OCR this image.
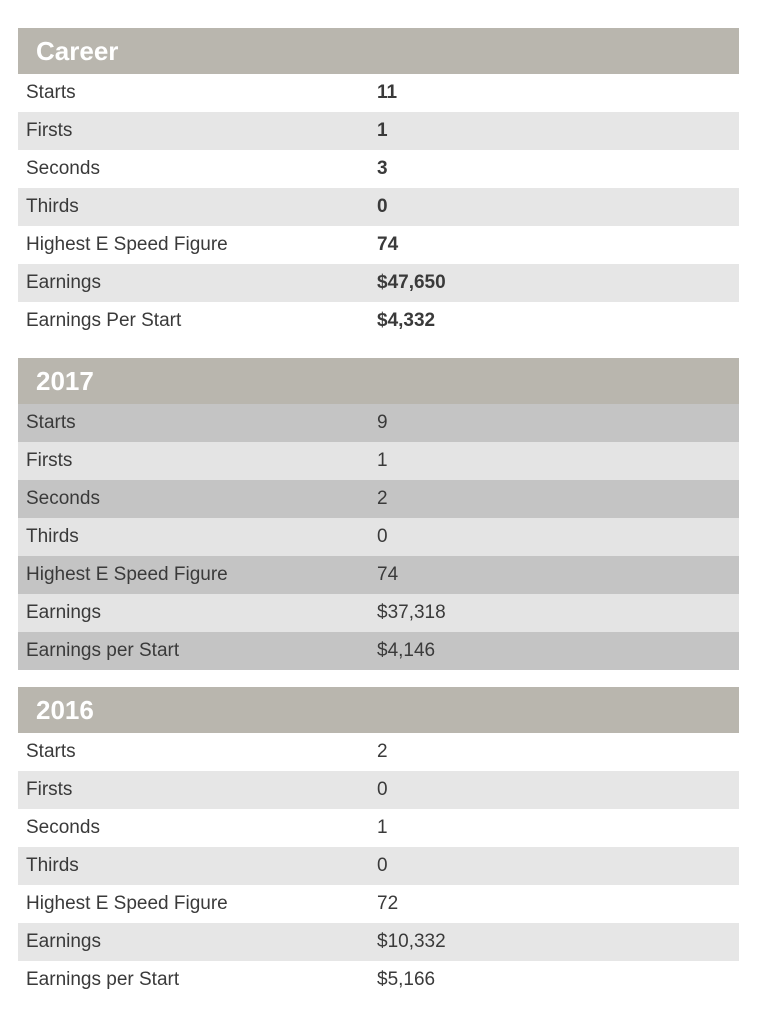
Career
Starts	11
Firsts	1
Seconds	3
Thirds	0
Highest E Speed Figure	74
Earnings	$47,650
Earnings Per Start	$4,332
2017
Starts	9
Firsts	1
Seconds	2
Thirds	0
Highest E Speed Figure	74
Earnings	$37,318
Earnings per Start	$4,146
2016
Starts	2
Firsts	0
Seconds	1
Thirds	0
Highest E Speed Figure	72
Earnings	$10,332
Earnings per Start	$5,166
